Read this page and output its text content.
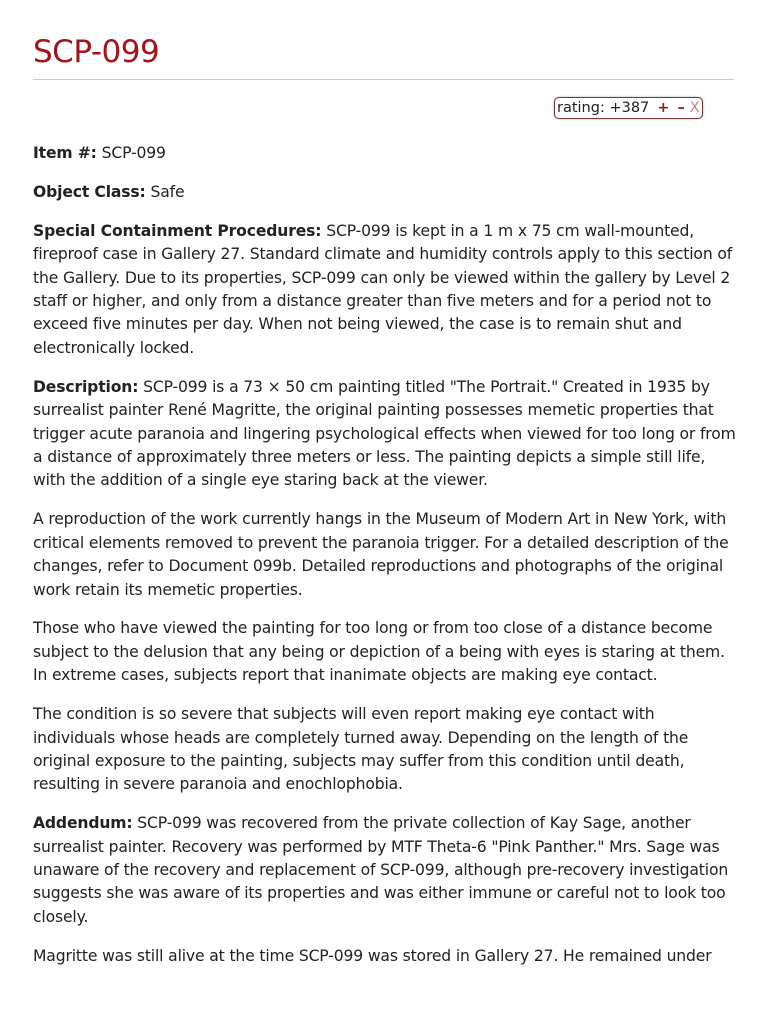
SCP-099
rating: +387 + – X

Item #: SCP-099

Object Class: Safe

Special Containment Procedures: SCP-099 is kept in a 1 m x 75 cm wall-mounted, fireproof case in Gallery 27. Standard climate and humidity controls apply to this section of the Gallery. Due to its properties, SCP-099 can only be viewed within the gallery by Level 2 staff or higher, and only from a distance greater than five meters and for a period not to exceed five minutes per day. When not being viewed, the case is to remain shut and electronically locked.

Description: SCP-099 is a 73 × 50 cm painting titled "The Portrait." Created in 1935 by surrealist painter René Magritte, the original painting possesses memetic properties that trigger acute paranoia and lingering psychological effects when viewed for too long or from a distance of approximately three meters or less. The painting depicts a simple still life, with the addition of a single eye staring back at the viewer.

A reproduction of the work currently hangs in the Museum of Modern Art in New York, with critical elements removed to prevent the paranoia trigger. For a detailed description of the changes, refer to Document 099b. Detailed reproductions and photographs of the original work retain its memetic properties.

Those who have viewed the painting for too long or from too close of a distance become subject to the delusion that any being or depiction of a being with eyes is staring at them. In extreme cases, subjects report that inanimate objects are making eye contact.

The condition is so severe that subjects will even report making eye contact with individuals whose heads are completely turned away. Depending on the length of the original exposure to the painting, subjects may suffer from this condition until death, resulting in severe paranoia and enochlophobia.

Addendum: SCP-099 was recovered from the private collection of Kay Sage, another surrealist painter. Recovery was performed by MTF Theta-6 "Pink Panther." Mrs. Sage was unaware of the recovery and replacement of SCP-099, although pre-recovery investigation suggests she was aware of its properties and was either immune or careful not to look too closely.

Magritte was still alive at the time SCP-099 was stored in Gallery 27. He remained under
